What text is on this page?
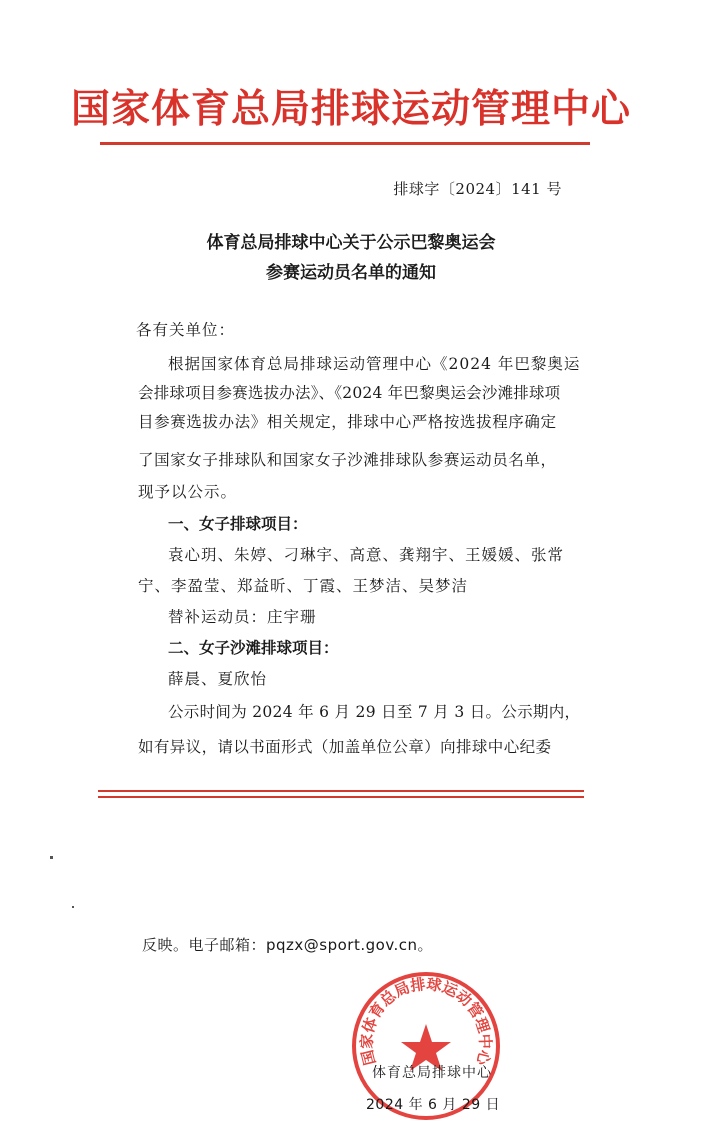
国家体育总局排球运动管理中心
排球字〔2024〕141 号
体育总局排球中心关于公示巴黎奥运会
参赛运动员名单的通知
各有关单位：
根据国家体育总局排球运动管理中心《2024 年巴黎奥运
会排球项目参赛选拔办法》、《2024 年巴黎奥运会沙滩排球项
目参赛选拔办法》相关规定，排球中心严格按选拔程序确定
了国家女子排球队和国家女子沙滩排球队参赛运动员名单，
现予以公示。
一、女子排球项目：
袁心玥、朱婷、刁琳宇、高意、龚翔宇、王媛媛、张常
宁、李盈莹、郑益昕、丁霞、王梦洁、吴梦洁
替补运动员：庄宇珊
二、女子沙滩排球项目：
薛晨、夏欣怡
公示时间为 2024 年 6 月 29 日至 7 月 3 日。公示期内，
如有异议，请以书面形式（加盖单位公章）向排球中心纪委
反映。电子邮箱：pqzx@sport.gov.cn。
国家体育总局排球运动管理中心
体育总局排球中心
2024 年 6 月 29 日
